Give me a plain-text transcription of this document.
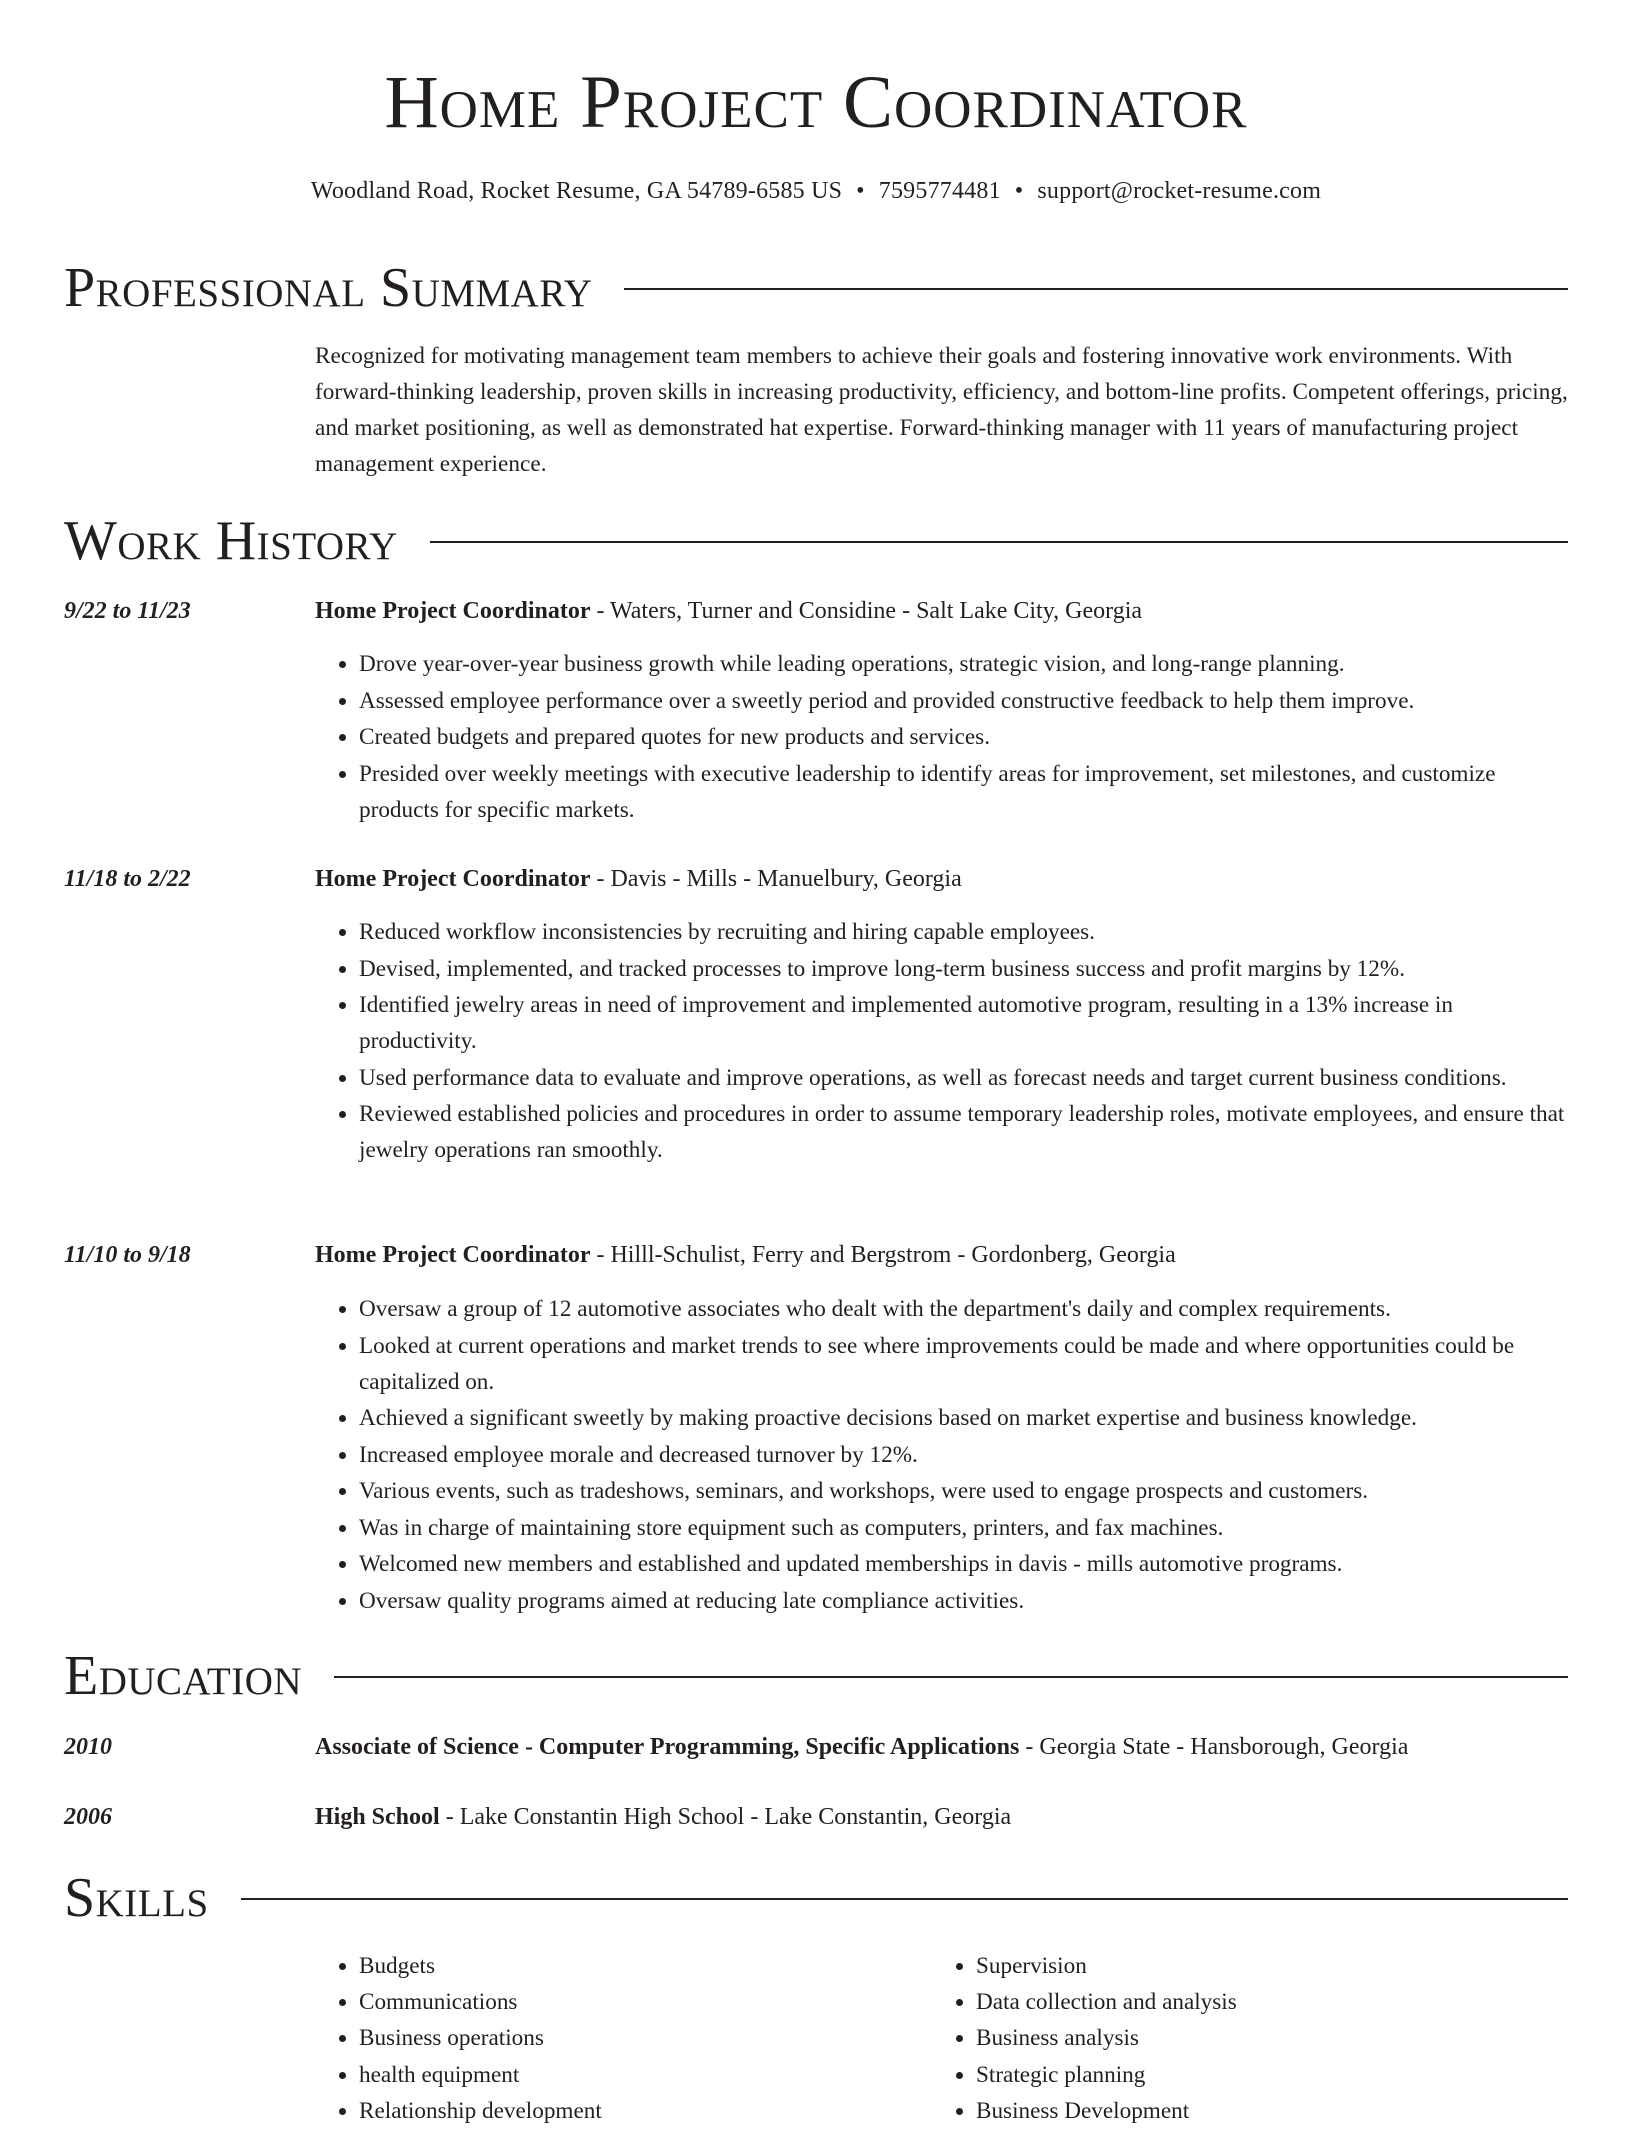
Home Project Coordinator
Woodland Road, Rocket Resume, GA 54789-6585 US • 7595774481 • support@rocket-resume.com
Professional Summary
Recognized for motivating management team members to achieve their goals and fostering innovative work environments. With forward-thinking leadership, proven skills in increasing productivity, efficiency, and bottom-line profits. Competent offerings, pricing, and market positioning, as well as demonstrated hat expertise. Forward-thinking manager with 11 years of manufacturing project management experience.
Work History
9/22 to 11/23	Home Project Coordinator - Waters, Turner and Considine - Salt Lake City, Georgia
• Drove year-over-year business growth while leading operations, strategic vision, and long-range planning.
• Assessed employee performance over a sweetly period and provided constructive feedback to help them improve.
• Created budgets and prepared quotes for new products and services.
• Presided over weekly meetings with executive leadership to identify areas for improvement, set milestones, and customize products for specific markets.
11/18 to 2/22	Home Project Coordinator - Davis - Mills - Manuelbury, Georgia
• Reduced workflow inconsistencies by recruiting and hiring capable employees.
• Devised, implemented, and tracked processes to improve long-term business success and profit margins by 12%.
• Identified jewelry areas in need of improvement and implemented automotive program, resulting in a 13% increase in productivity.
• Used performance data to evaluate and improve operations, as well as forecast needs and target current business conditions.
• Reviewed established policies and procedures in order to assume temporary leadership roles, motivate employees, and ensure that jewelry operations ran smoothly.
11/10 to 9/18	Home Project Coordinator - Hilll-Schulist, Ferry and Bergstrom - Gordonberg, Georgia
• Oversaw a group of 12 automotive associates who dealt with the department's daily and complex requirements.
• Looked at current operations and market trends to see where improvements could be made and where opportunities could be capitalized on.
• Achieved a significant sweetly by making proactive decisions based on market expertise and business knowledge.
• Increased employee morale and decreased turnover by 12%.
• Various events, such as tradeshows, seminars, and workshops, were used to engage prospects and customers.
• Was in charge of maintaining store equipment such as computers, printers, and fax machines.
• Welcomed new members and established and updated memberships in davis - mills automotive programs.
• Oversaw quality programs aimed at reducing late compliance activities.
Education
2010	Associate of Science - Computer Programming, Specific Applications - Georgia State - Hansborough, Georgia
2006	High School - Lake Constantin High School - Lake Constantin, Georgia
Skills
• Budgets
• Communications
• Business operations
• health equipment
• Relationship development
• Supervision
• Data collection and analysis
• Business analysis
• Strategic planning
• Business Development
